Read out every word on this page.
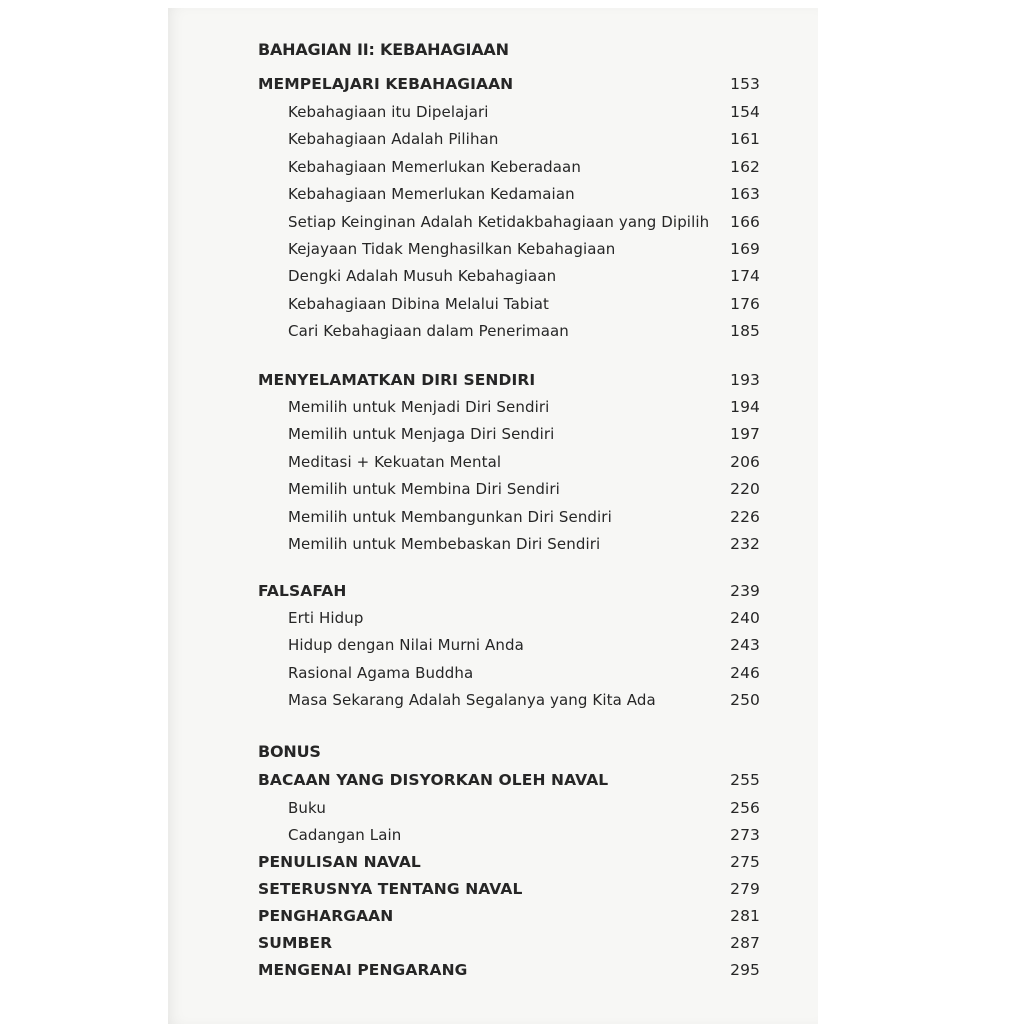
BAHAGIAN II: KEBAHAGIAAN
MEMPELAJARI KEBAHAGIAAN	153
Kebahagiaan itu Dipelajari	154
Kebahagiaan Adalah Pilihan	161
Kebahagiaan Memerlukan Keberadaan	162
Kebahagiaan Memerlukan Kedamaian	163
Setiap Keinginan Adalah Ketidakbahagiaan yang Dipilih 166
Kejayaan Tidak Menghasilkan Kebahagiaan	169
Dengki Adalah Musuh Kebahagiaan	174
Kebahagiaan Dibina Melalui Tabiat	176
Cari Kebahagiaan dalam Penerimaan	185
MENYELAMATKAN DIRI SENDIRI	193
Memilih untuk Menjadi Diri Sendiri	194
Memilih untuk Menjaga Diri Sendiri	197
Meditasi + Kekuatan Mental	206
Memilih untuk Membina Diri Sendiri	220
Memilih untuk Membangunkan Diri Sendiri	226
Memilih untuk Membebaskan Diri Sendiri	232
FALSAFAH	239
Erti Hidup	240
Hidup dengan Nilai Murni Anda	243
Rasional Agama Buddha	246
Masa Sekarang Adalah Segalanya yang Kita Ada	250
BONUS
BACAAN YANG DISYORKAN OLEH NAVAL	255
Buku	256
Cadangan Lain	273
PENULISAN NAVAL	275
SETERUSNYA TENTANG NAVAL	279
PENGHARGAAN	281
SUMBER	287
MENGENAI PENGARANG	295
